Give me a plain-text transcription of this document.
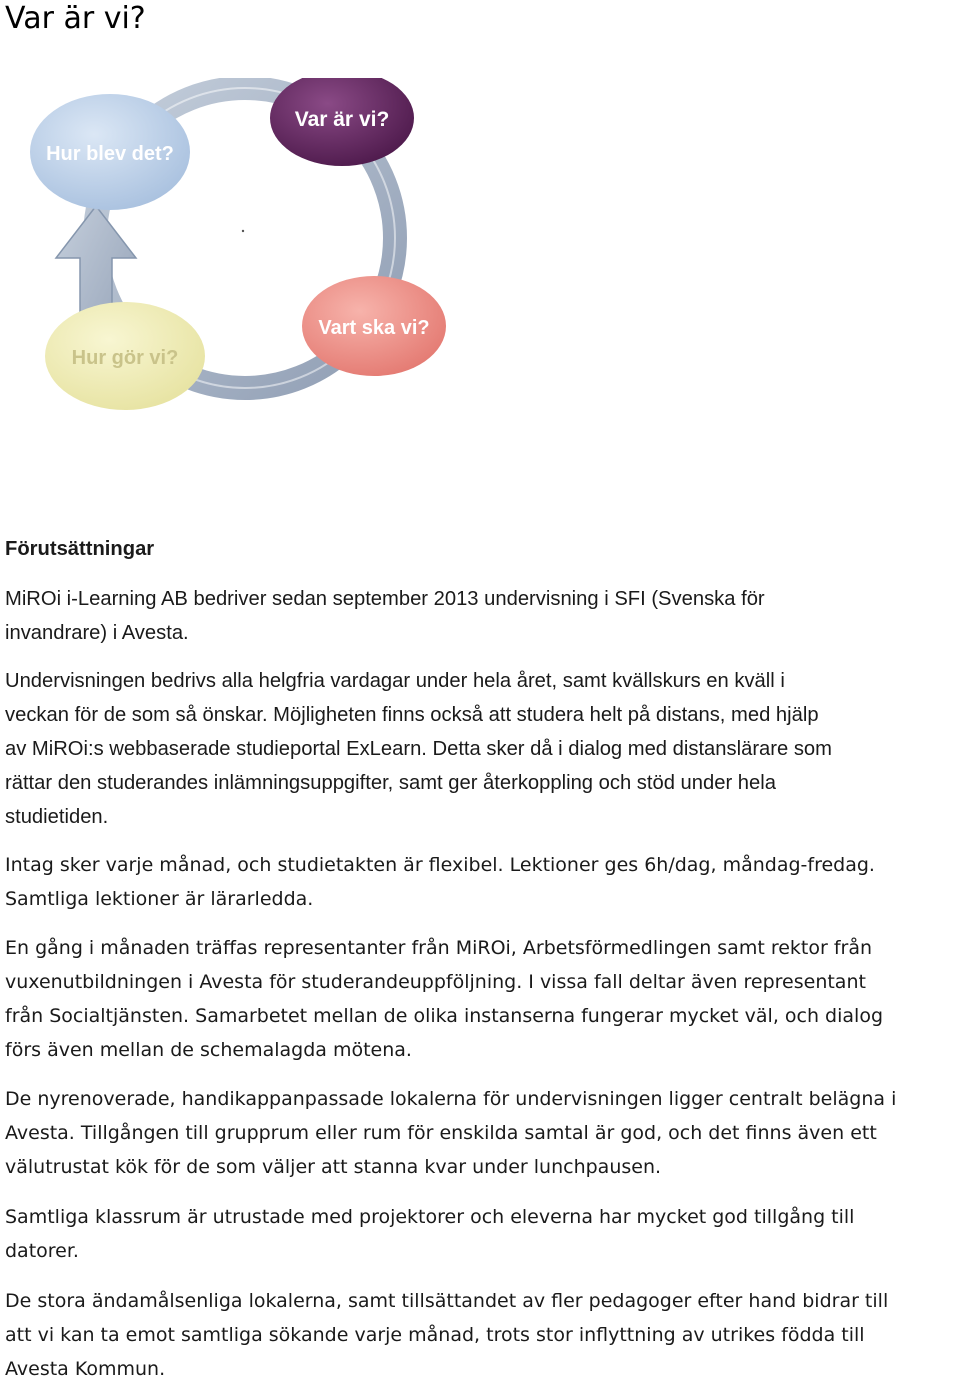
Var är vi?
Var är vi?
Hur blev det?
Vart ska vi?
Hur gör vi?

Förutsättningar

MiROi i-Learning AB bedriver sedan september 2013 undervisning i SFI (Svenska för
invandrare) i Avesta.

Undervisningen bedrivs alla helgfria vardagar under hela året, samt kvällskurs en kväll i
veckan för de som så önskar. Möjligheten finns också att studera helt på distans, med hjälp
av MiROi:s webbaserade studieportal ExLearn. Detta sker då i dialog med distanslärare som
rättar den studerandes inlämningsuppgifter, samt ger återkoppling och stöd under hela
studietiden.

Intag sker varje månad, och studietakten är flexibel. Lektioner ges 6h/dag, måndag-fredag.
Samtliga lektioner är lärarledda.

En gång i månaden träffas representanter från MiROi, Arbetsförmedlingen samt rektor från
vuxenutbildningen i Avesta för studerandeuppföljning. I vissa fall deltar även representant
från Socialtjänsten. Samarbetet mellan de olika instanserna fungerar mycket väl, och dialog
förs även mellan de schemalagda mötena.

De nyrenoverade, handikappanpassade lokalerna för undervisningen ligger centralt belägna i
Avesta. Tillgången till grupprum eller rum för enskilda samtal är god, och det finns även ett
välutrustat kök för de som väljer att stanna kvar under lunchpausen.

Samtliga klassrum är utrustade med projektorer och eleverna har mycket god tillgång till
datorer.

De stora ändamålsenliga lokalerna, samt tillsättandet av fler pedagoger efter hand bidrar till
att vi kan ta emot samtliga sökande varje månad, trots stor inflyttning av utrikes födda till
Avesta Kommun.
